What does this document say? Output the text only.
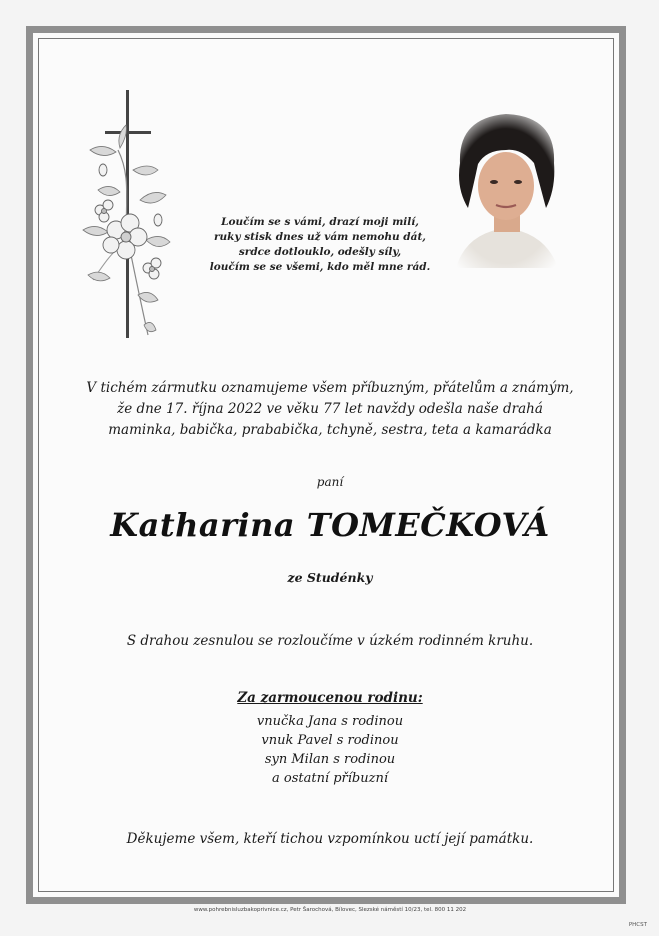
Loučím se s vámi, drazí moji milí,
ruky stisk dnes už vám nemohu dát,
srdce dotlouklo, odešly síly,
loučím se se všemi, kdo měl mne rád.
V tichém zármutku oznamujeme všem příbuzným, přátelům a známým,
že dne 17. října 2022 ve věku 77 let navždy odešla naše drahá
maminka, babička, prababička, tchyně, sestra, teta a kamarádka
paní
Katharina TOMEČKOVÁ
ze Studénky
S drahou zesnulou se rozloučíme v úzkém rodinném kruhu.
Za zarmoucenou rodinu:
vnučka Jana s rodinou
vnuk Pavel s rodinou
syn Milan s rodinou
a ostatní příbuzní
Děkujeme všem, kteří tichou vzpomínkou uctí její památku.
www.pohrebnisluzbakoprivnice.cz, Petr Šarochová, Bílovec, Slezské náměstí 10/23, tel. 800 11 202
PHCST
